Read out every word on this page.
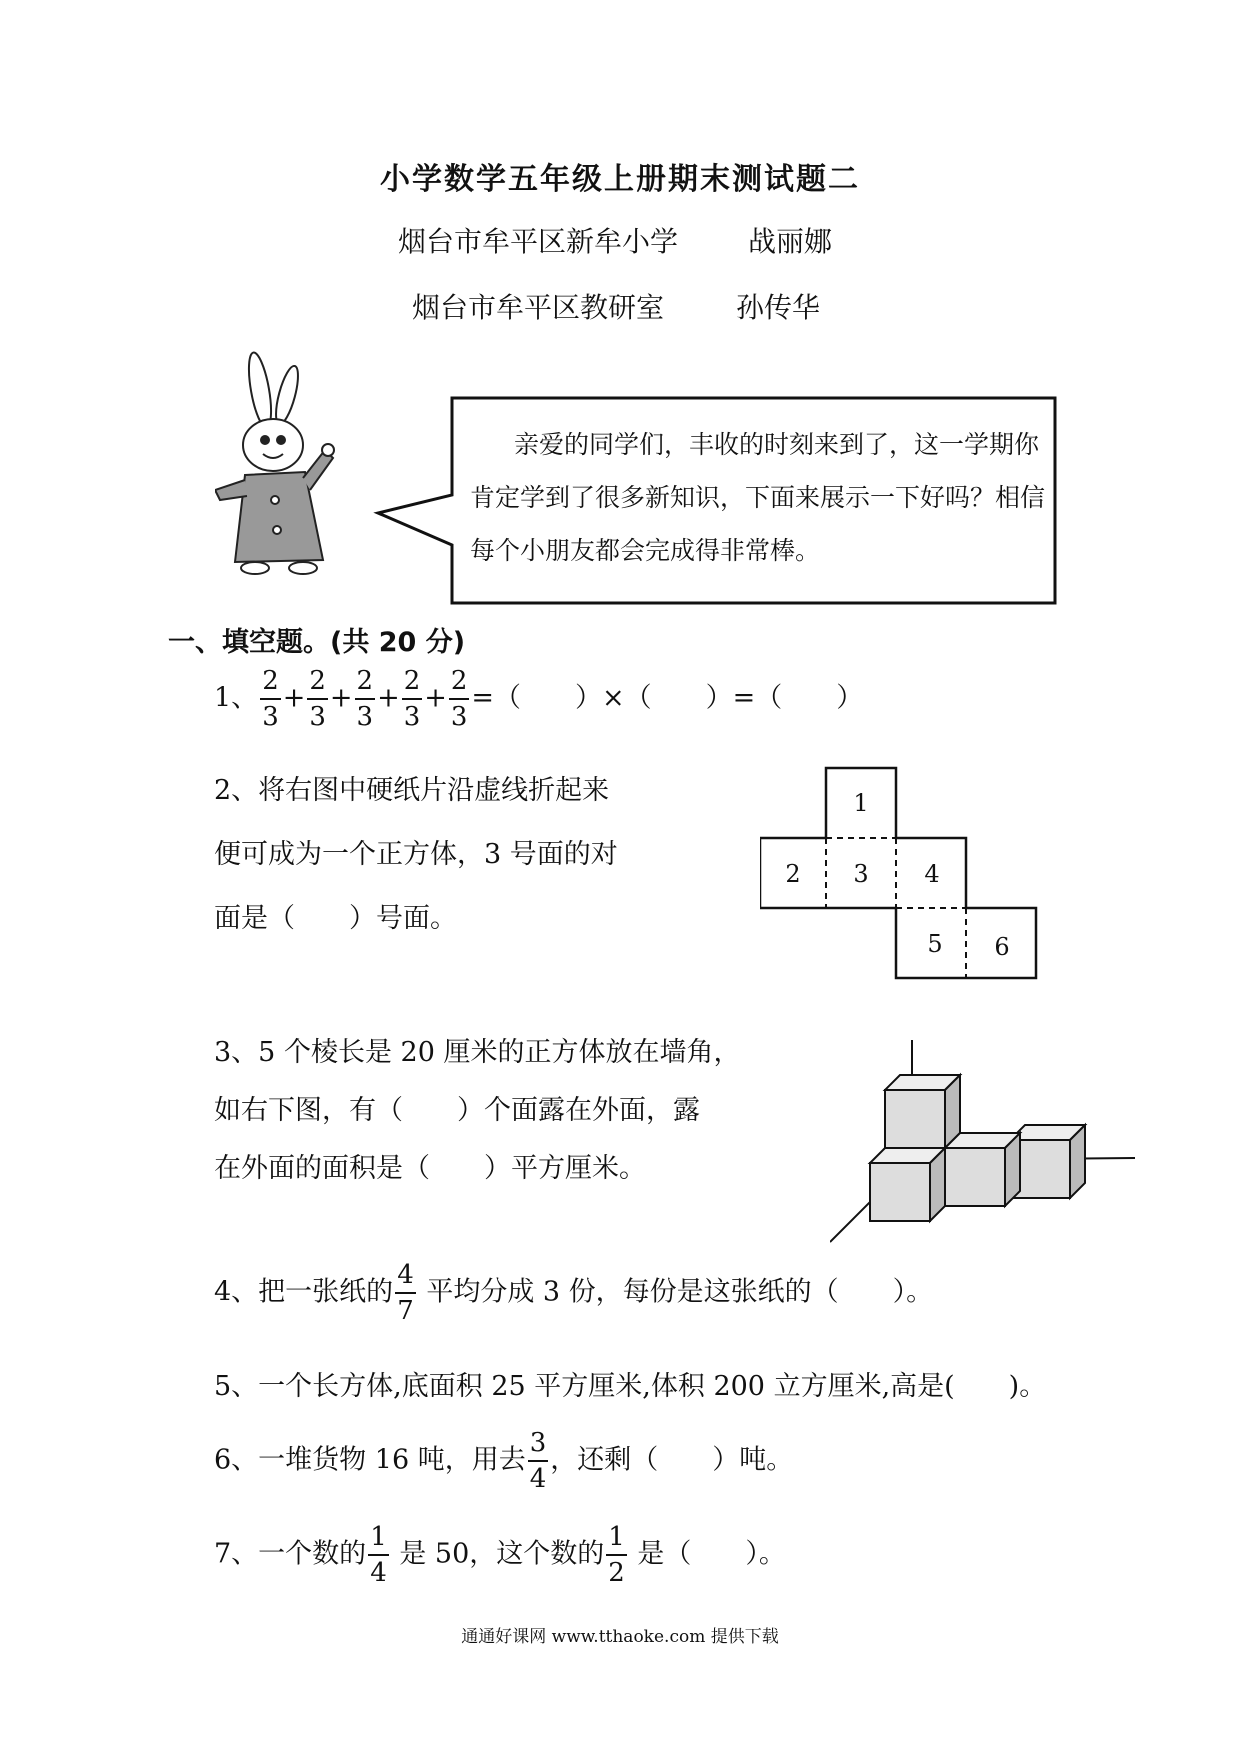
小学数学五年级上册期末测试题二
烟台市牟平区新牟小学 战丽娜
烟台市牟平区教研室	孙传华
亲爱的同学们，丰收的时刻来到了，这一学期你
肯定学到了很多新知识，下面来展示一下好吗？相信
每个小朋友都会完成得非常棒。
一、填空题。(共 20 分)
1、 $\frac{2}{3} + \frac{2}{3} + \frac{2}{3} + \frac{2}{3} + \frac{2}{3}$ =（　　）×（　　）=（　　）
2、将右图中硬纸片沿虚线折起来
便可成为一个正方体，3 号面的对
面是（　　）号面。
1
2 3 4
5 6
3、5 个棱长是 20 厘米的正方体放在墙角，
如右下图，有（　　）个面露在外面，露
在外面的面积是（　　）平方厘米。
4、把一张纸的 $\frac{4}{7}$ 平均分成 3 份，每份是这张纸的（　　）。
5、一个长方体,底面积 25 平方厘米,体积 200 立方厘米,高是(　　)。
6、一堆货物 16 吨，用去 $\frac{3}{4}$ ，还剩（　　）吨。
7、一个数的 $\frac{1}{4}$ 是 50，这个数的 $\frac{1}{2}$ 是（　　）。
通通好课网 www.tthaoke.com 提供下载
